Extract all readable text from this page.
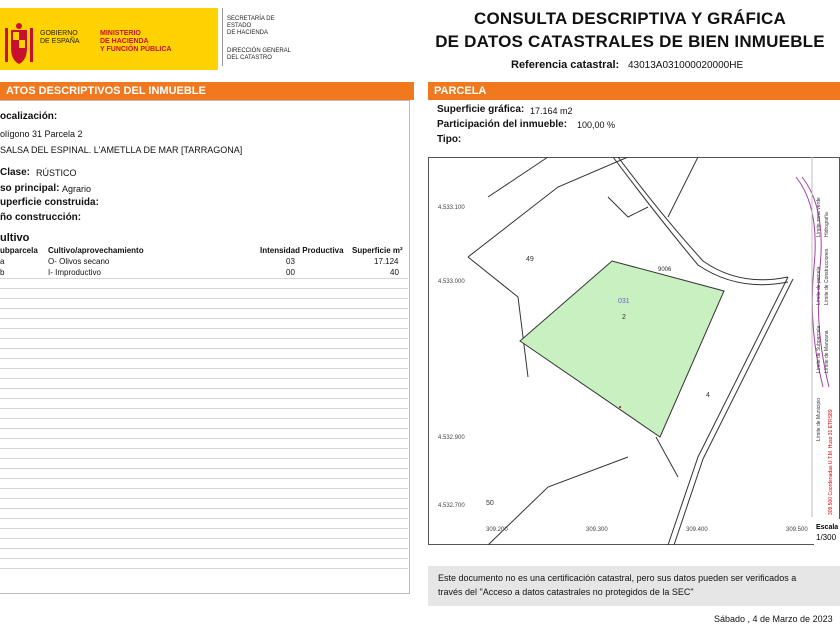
GOBIERNO
DE ESPAÑA
MINISTERIO
DE HACIENDA
Y FUNCIÓN PÚBLICA
SECRETARÍA DE ESTADO
DE HACIENDA
DIRECCIÓN GENERAL
DEL CATASTRO
CONSULTA DESCRIPTIVA Y GRÁFICA
DE DATOS CATASTRALES DE BIEN INMUEBLE
Referencia catastral: 43013A031000020000HE
ATOS DESCRIPTIVOS DEL INMUEBLE
ocalización:
olígono 31 Parcela 2
SALSA DEL ESPINAL. L'AMETLLA DE MAR [TARRAGONA]
Clase: RÚSTICO
so principal: Agrario
uperficie construida:
ño construcción:
ultivo
ubparcela Cultivo/aprovechamiento	Intensidad Productiva Superficie m²
a	O- Olivos secano	03	17.124
b	I- Improductivo	00	40
PARCELA
Superficie gráfica: 17.164 m2
Participación del inmueble: 100,00 %
Tipo:
4.533.100
4.533.000
4.532.900
4.532.700
309.200	309.300	309.400	309.500
49
031
2
4
50
9006
Límite zona verde Hidrografía
Límite de parcela Límite de Construcciones
Límite de Subparcela Límite de Manzana
Límite de Municipio 309.500 Coordenadas U.T.M. Huso 31 ETRS89
Escala
1/300
Este documento no es una certificación catastral, pero sus datos pueden ser verificados a
través del "Acceso a datos catastrales no protegidos de la SEC"
Sábado , 4 de Marzo de 2023
